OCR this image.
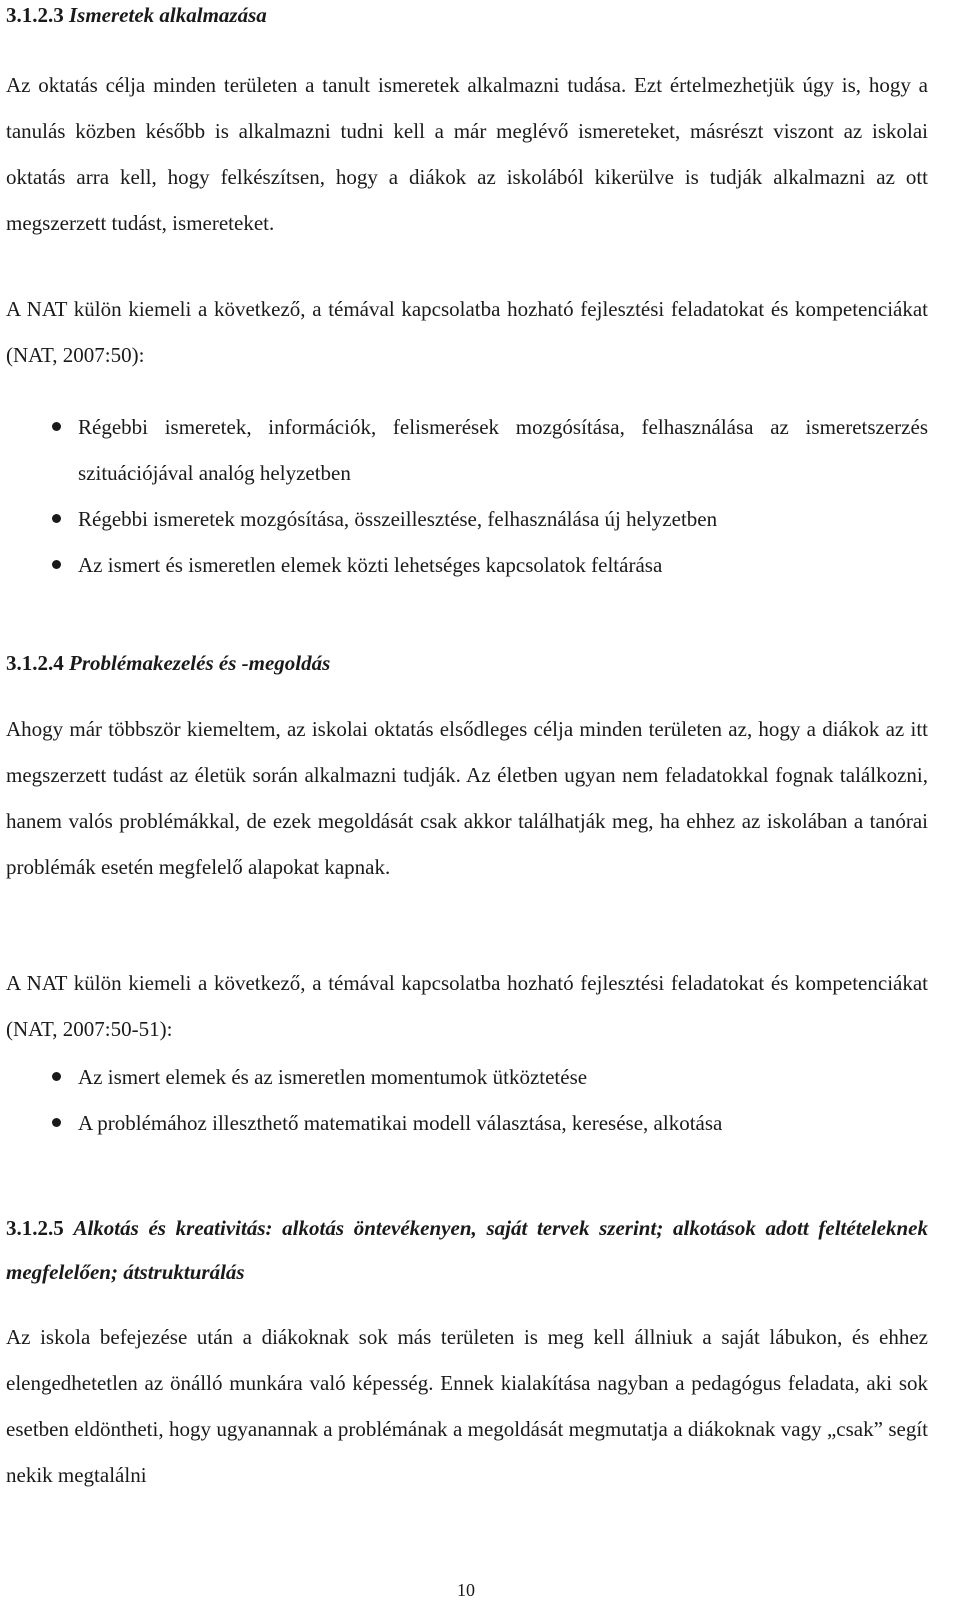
3.1.2.3 Ismeretek alkalmazása

Az oktatás célja minden területen a tanult ismeretek alkalmazni tudása. Ezt értelmezhetjük úgy is, hogy a tanulás közben később is alkalmazni tudni kell a már meglévő ismereteket, másrészt viszont az iskolai oktatás arra kell, hogy felkészítsen, hogy a diákok az iskolából kikerülve is tudják alkalmazni az ott megszerzett tudást, ismereteket.

A NAT külön kiemeli a következő, a témával kapcsolatba hozható fejlesztési feladatokat és kompetenciákat (NAT, 2007:50):

Régebbi ismeretek, információk, felismerések mozgósítása, felhasználása az ismeretszerzés szituációjával analóg helyzetben
Régebbi ismeretek mozgósítása, összeillesztése, felhasználása új helyzetben
Az ismert és ismeretlen elemek közti lehetséges kapcsolatok feltárása
3.1.2.4 Problémakezelés és -megoldás

Ahogy már többször kiemeltem, az iskolai oktatás elsődleges célja minden területen az, hogy a diákok az itt megszerzett tudást az életük során alkalmazni tudják. Az életben ugyan nem feladatokkal fognak találkozni, hanem valós problémákkal, de ezek megoldását csak akkor találhatják meg, ha ehhez az iskolában a tanórai problémák esetén megfelelő alapokat kapnak.

A NAT külön kiemeli a következő, a témával kapcsolatba hozható fejlesztési feladatokat és kompetenciákat (NAT, 2007:50-51):

Az ismert elemek és az ismeretlen momentumok ütköztetése
A problémához illeszthető matematikai modell választása, keresése, alkotása
3.1.2.5 Alkotás és kreativitás: alkotás öntevékenyen, saját tervek szerint; alkotások adott feltételeknek megfelelően; átstrukturálás

Az iskola befejezése után a diákoknak sok más területen is meg kell állniuk a saját lábukon, és ehhez elengedhetetlen az önálló munkára való képesség. Ennek kialakítása nagyban a pedagógus feladata, aki sok esetben eldöntheti, hogy ugyanannak a problémának a megoldását megmutatja a diákoknak vagy „csak” segít nekik megtalálni

10
